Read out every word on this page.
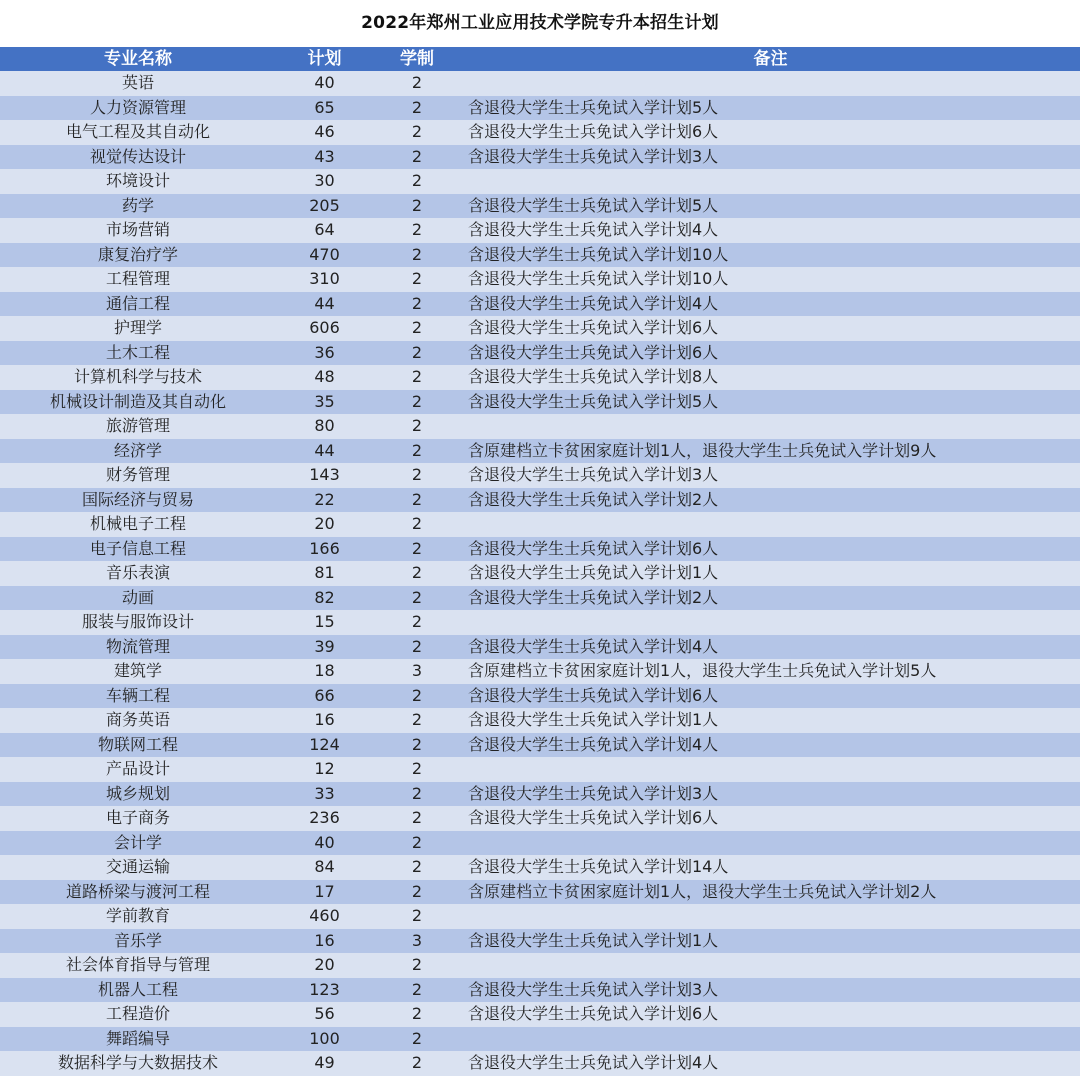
2022年郑州工业应用技术学院专升本招生计划
专业名称	计划	学制	备注
英语	40	2
人力资源管理	65	2	含退役大学生士兵免试入学计划5人
电气工程及其自动化	46	2	含退役大学生士兵免试入学计划6人
视觉传达设计	43	2	含退役大学生士兵免试入学计划3人
环境设计	30	2
药学	205	2	含退役大学生士兵免试入学计划5人
市场营销	64	2	含退役大学生士兵免试入学计划4人
康复治疗学	470	2	含退役大学生士兵免试入学计划10人
工程管理	310	2	含退役大学生士兵免试入学计划10人
通信工程	44	2	含退役大学生士兵免试入学计划4人
护理学	606	2	含退役大学生士兵免试入学计划6人
土木工程	36	2	含退役大学生士兵免试入学计划6人
计算机科学与技术	48	2	含退役大学生士兵免试入学计划8人
机械设计制造及其自动化	35	2	含退役大学生士兵免试入学计划5人
旅游管理	80	2
经济学	44	2	含原建档立卡贫困家庭计划1人，退役大学生士兵免试入学计划9人
财务管理	143	2	含退役大学生士兵免试入学计划3人
国际经济与贸易	22	2	含退役大学生士兵免试入学计划2人
机械电子工程	20	2
电子信息工程	166	2	含退役大学生士兵免试入学计划6人
音乐表演	81	2	含退役大学生士兵免试入学计划1人
动画	82	2	含退役大学生士兵免试入学计划2人
服装与服饰设计	15	2
物流管理	39	2	含退役大学生士兵免试入学计划4人
建筑学	18	3	含原建档立卡贫困家庭计划1人，退役大学生士兵免试入学计划5人
车辆工程	66	2	含退役大学生士兵免试入学计划6人
商务英语	16	2	含退役大学生士兵免试入学计划1人
物联网工程	124	2	含退役大学生士兵免试入学计划4人
产品设计	12	2
城乡规划	33	2	含退役大学生士兵免试入学计划3人
电子商务	236	2	含退役大学生士兵免试入学计划6人
会计学	40	2
交通运输	84	2	含退役大学生士兵免试入学计划14人
道路桥梁与渡河工程	17	2	含原建档立卡贫困家庭计划1人，退役大学生士兵免试入学计划2人
学前教育	460	2
音乐学	16	3	含退役大学生士兵免试入学计划1人
社会体育指导与管理	20	2
机器人工程	123	2	含退役大学生士兵免试入学计划3人
工程造价	56	2	含退役大学生士兵免试入学计划6人
舞蹈编导	100	2
数据科学与大数据技术	49	2	含退役大学生士兵免试入学计划4人
